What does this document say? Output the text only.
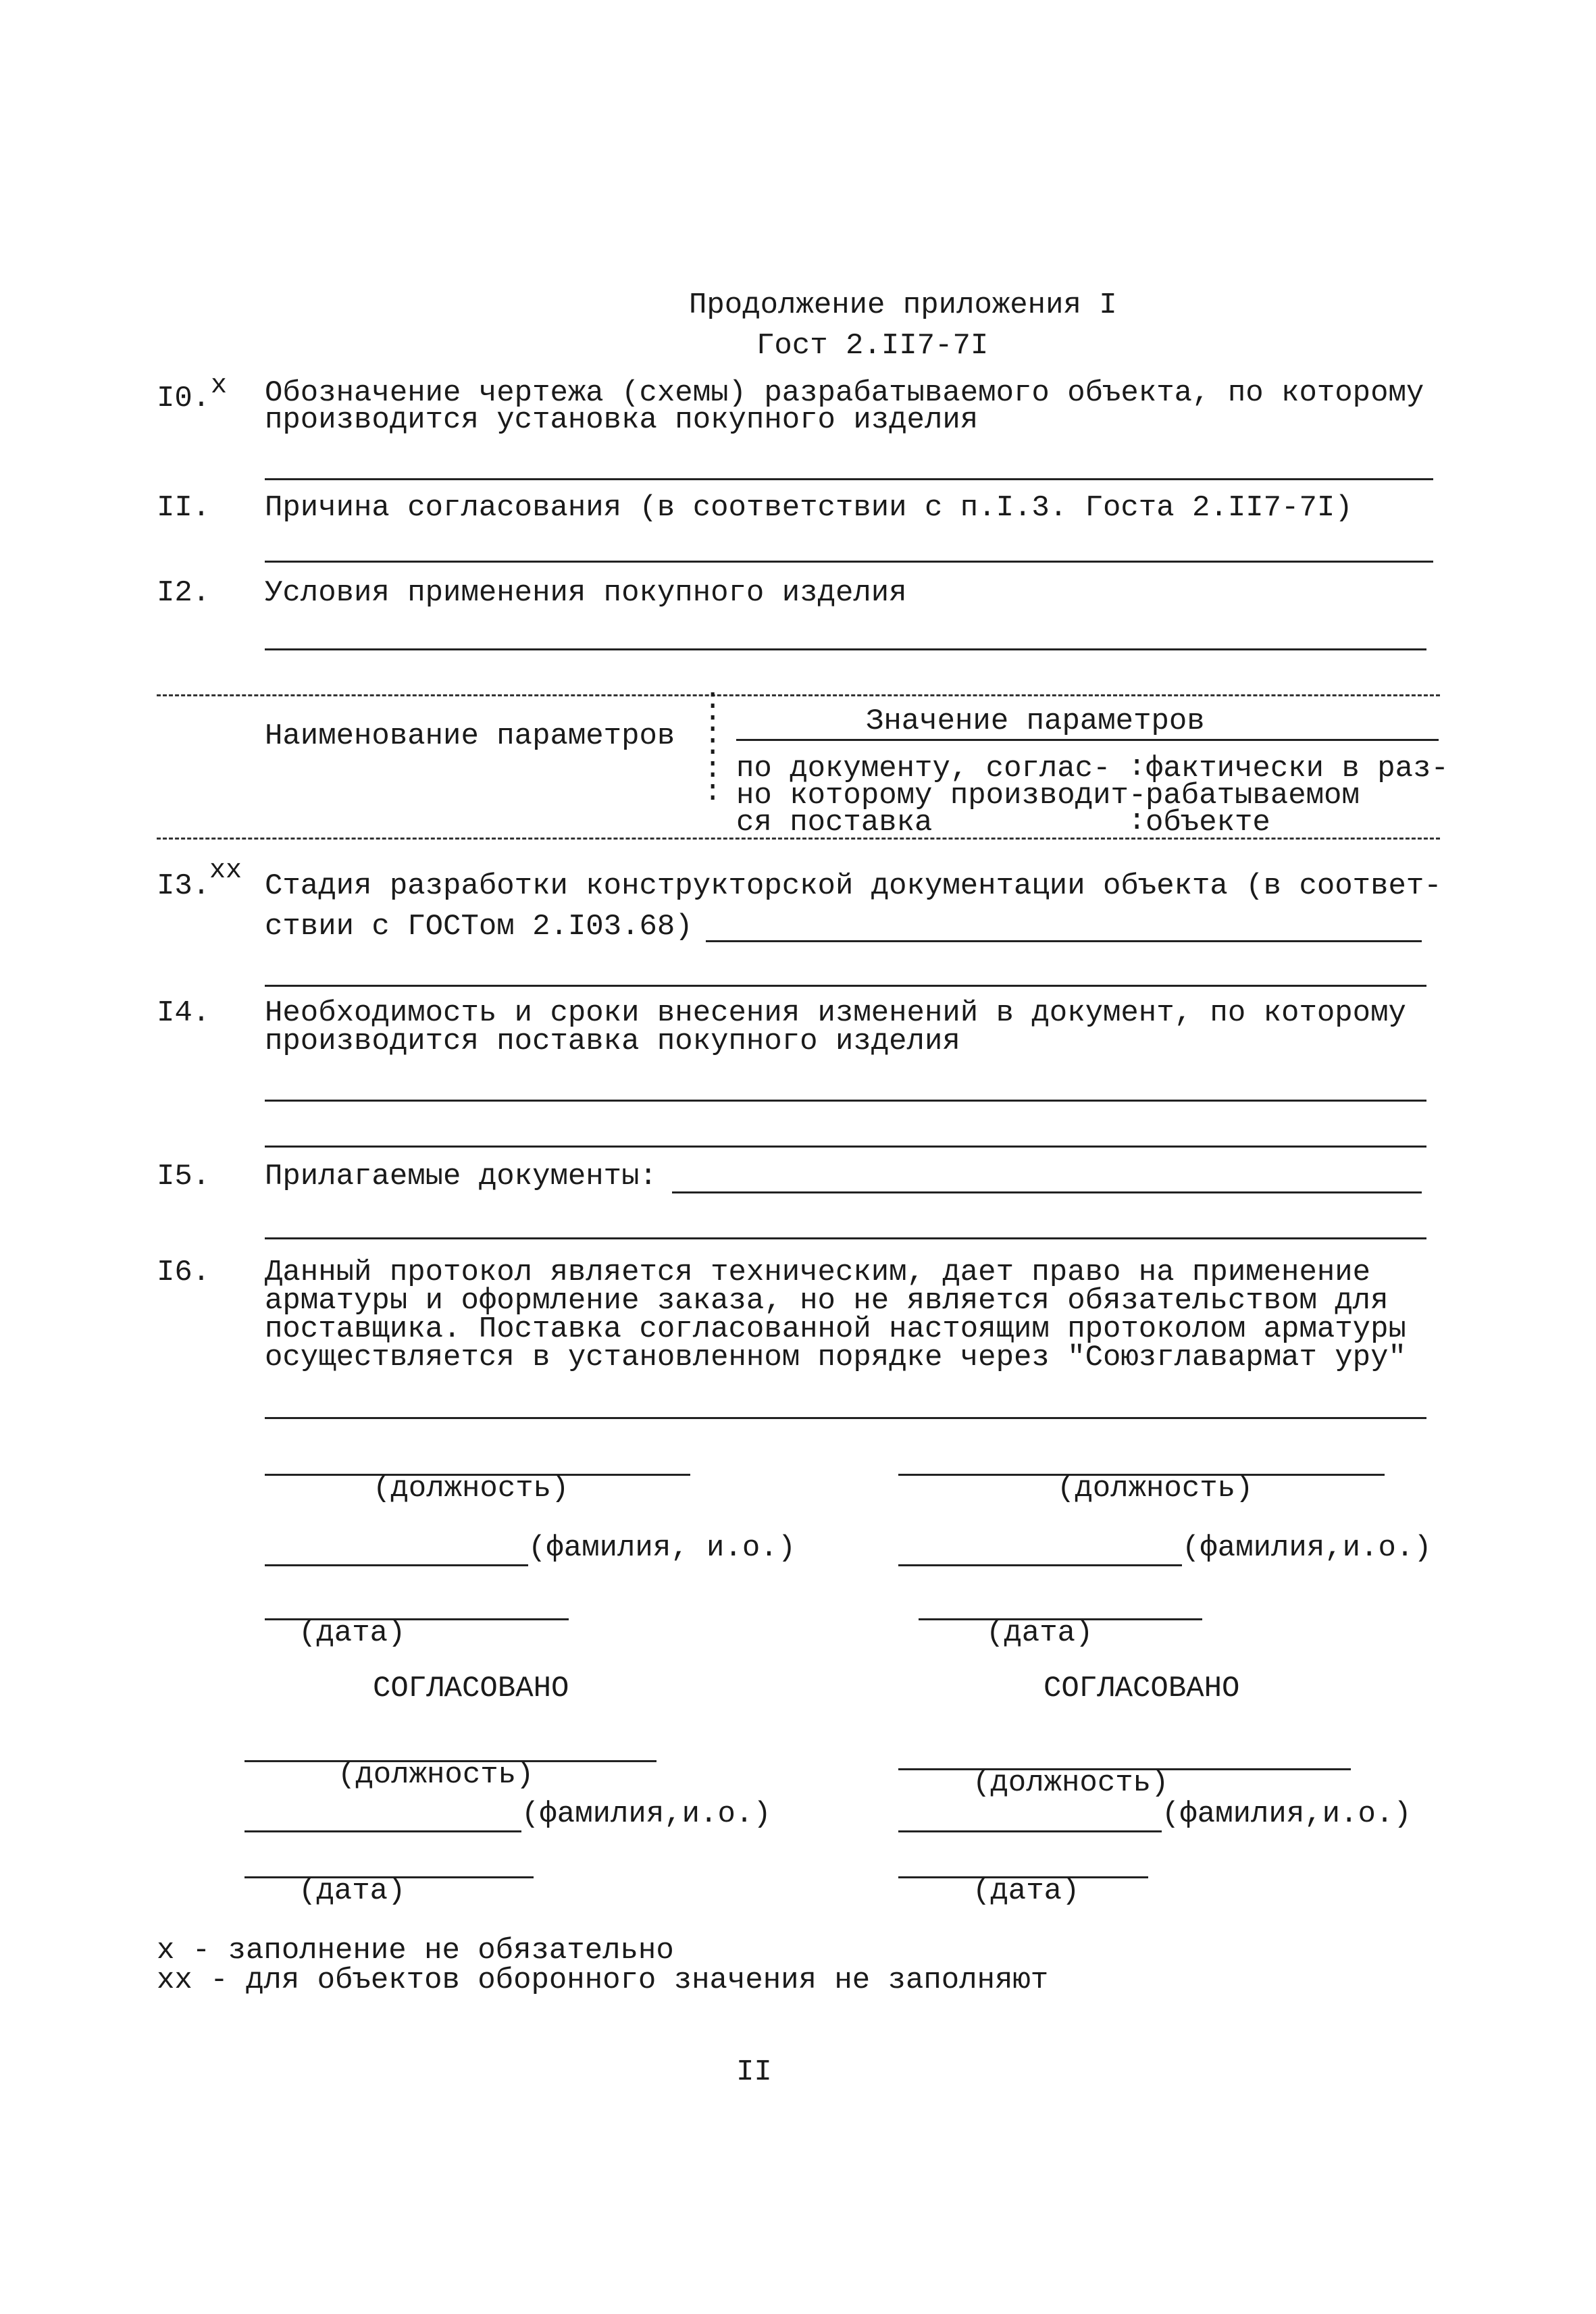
Продолжение приложения I
Гост 2.II7-7I
I0. x Обозначение чертежа (схемы) разрабатываемого объекта, по которому
производится установка покупного изделия
II. Причина согласования (в соответствии с п.I.3. Госта 2.II7-7I)
I2. Условия применения покупного изделия
Наименование параметров	Значение параметров
:
:
:
:
:
по документу, соглас-
но которому производит-
ся поставка
:

:
фактически в раз-
рабатываемом
объекте
I3.
xx Стадия разработки конструкторской документации объекта (в соответ-
ствии с ГОСТом 2.I03.68)
I4. Необходимость и сроки внесения изменений в документ, по которому
производится поставка покупного изделия
I5. Прилагаемые документы:
I6. Данный протокол является техническим, дает право на применение
арматуры и оформление заказа, но не является обязательством для
поставщика. Поставка согласованной настоящим протоколом арматуры
осуществляется в установленном порядке через "Союзглавармат уру"
(должность)
(фамилия, и.о.)
(дата)
(должность)
(фамилия,и.о.)
(дата)
СОГЛАСОВАНО	СОГЛАСОВАНО
(должность)
(фамилия,и.о.)
(дата)
(должность)
(фамилия,и.о.)
(дата)
x - заполнение не обязательно
xx - для объектов оборонного значения не заполняют
II
